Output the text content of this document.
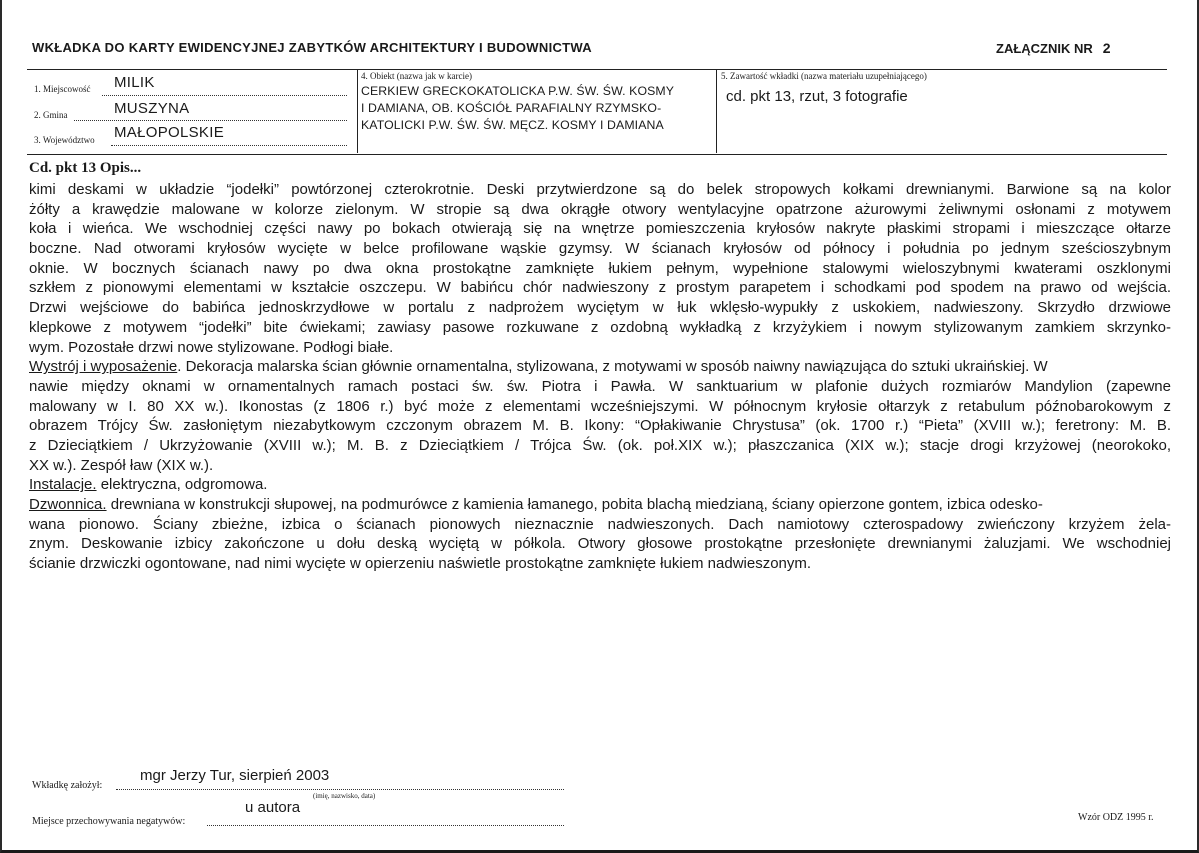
WKŁADKA DO KARTY EWIDENCYJNEJ ZABYTKÓW ARCHITEKTURY I BUDOWNICTWA	ZAŁĄCZNIK NR 2
1. Miejscowość MILIK
2. Gmina	MUSZYNA
3. Województwo MAŁOPOLSKIE
4. Obiekt (nazwa jak w karcie)
CERKIEW GRECKOKATOLICKA P.W. ŚW. ŚW. KOSMY
I DAMIANA, OB. KOŚCIÓŁ PARAFIALNY RZYMSKO-
KATOLICKI P.W. ŚW. ŚW. MĘCZ. KOSMY I DAMIANA
5. Zawartość wkładki (nazwa materiału uzupełniającego)
cd. pkt 13, rzut, 3 fotografie
Cd. pkt 13 Opis...
kimi deskami w układzie “jodełki” powtórzonej czterokrotnie. Deski przytwierdzone są do belek stropowych kołkami drewnianymi. Barwione są na kolor
żółty a krawędzie malowane w kolorze zielonym. W stropie są dwa okrągłe otwory wentylacyjne opatrzone ażurowymi żeliwnymi osłonami z motywem
koła i wieńca. We wschodniej części nawy po bokach otwierają się na wnętrze pomieszczenia kryłosów nakryte płaskimi stropami i mieszczące ołtarze
boczne. Nad otworami kryłosów wycięte w belce profilowane wąskie gzymsy. W ścianach kryłosów od północy i południa po jednym sześcioszybnym
oknie. W bocznych ścianach nawy po dwa okna prostokątne zamknięte łukiem pełnym, wypełnione stalowymi wieloszybnymi kwaterami oszklonymi
szkłem z pionowymi elementami w kształcie oszczepu. W babińcu chór nadwieszony z prostym parapetem i schodkami pod spodem na prawo od wejścia.
Drzwi wejściowe do babińca jednoskrzydłowe w portalu z nadprożem wyciętym w łuk wklęsło-wypukły z uskokiem, nadwieszony. Skrzydło drzwiowe
klepkowe z motywem “jodełki” bite ćwiekami; zawiasy pasowe rozkuwane z ozdobną wykładką z krzyżykiem i nowym stylizowanym zamkiem skrzynko-
wym. Pozostałe drzwi nowe stylizowane. Podłogi białe.
Wystrój i wyposażenie. Dekoracja malarska ścian głównie ornamentalna, stylizowana, z motywami w sposób naiwny nawiązująca do sztuki ukraińskiej. W
nawie między oknami w ornamentalnych ramach postaci św. św. Piotra i Pawła. W sanktuarium w plafonie dużych rozmiarów Mandylion (zapewne
malowany w I. 80 XX w.). Ikonostas (z 1806 r.) być może z elementami wcześniejszymi. W północnym kryłosie ołtarzyk z retabulum późnobarokowym z
obrazem Trójcy Św. zasłoniętym niezabytkowym czczonym obrazem M. B. Ikony: “Opłakiwanie Chrystusa” (ok. 1700 r.) “Pieta” (XVIII w.); feretrony: M. B.
z Dzieciątkiem / Ukrzyżowanie (XVIII w.); M. B. z Dzieciątkiem / Trójca Św. (ok. poł.XIX w.); płaszczanica (XIX w.); stacje drogi krzyżowej (neorokoko,
XX w.). Zespół ław (XIX w.).
Instalacje. elektryczna, odgromowa.
Dzwonnica. drewniana w konstrukcji słupowej, na podmurówce z kamienia łamanego, pobita blachą miedzianą, ściany opierzone gontem, izbica odesko-
wana pionowo. Ściany zbieżne, izbica o ścianach pionowych nieznacznie nadwieszonych. Dach namiotowy czterospadowy zwieńczony krzyżem żela-
znym. Deskowanie izbicy zakończone u dołu deską wyciętą w półkola. Otwory głosowe prostokątne przesłonięte drewnianymi żaluzjami. We wschodniej
ścianie drzwiczki ogontowane, nad nimi wycięte w opierzeniu naświetle prostokątne zamknięte łukiem nadwieszonym.
Wkładkę założył:
mgr Jerzy Tur, sierpień 2003
(imię, nazwisko, data)
Miejsce przechowywania negatywów:
u autora
Wzór ODZ 1995 r.
